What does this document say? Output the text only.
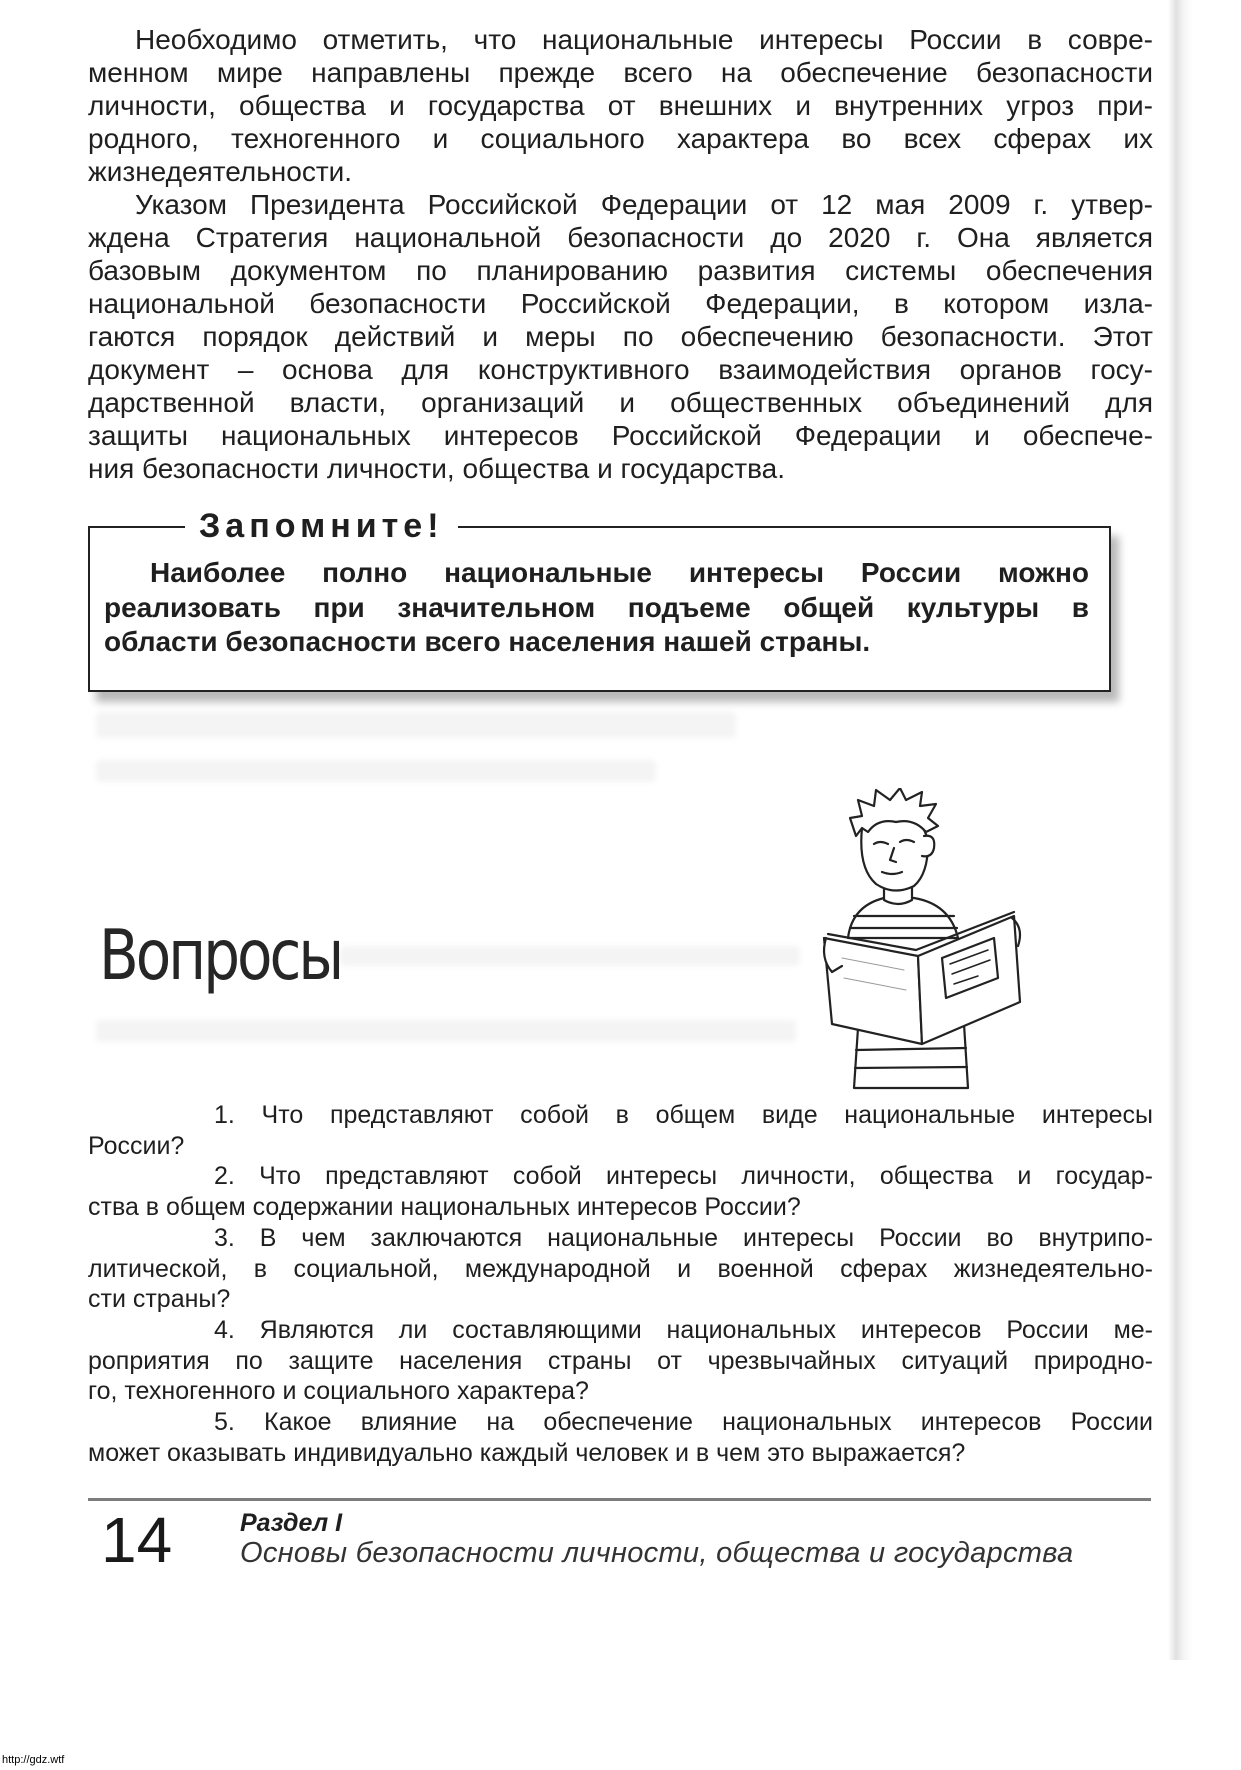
Необходимо отметить, что национальные интересы России в совре-
менном мире направлены прежде всего на обеспечение безопасности
личности, общества и государства от внешних и внутренних угроз при-
родного, техногенного и социального характера во всех сферах их
жизнедеятельности.
Указом Президента Российской Федерации от 12 мая 2009 г. утвер-
ждена Стратегия национальной безопасности до 2020 г. Она является
базовым документом по планированию развития системы обеспечения
национальной безопасности Российской Федерации, в котором изла-
гаются порядок действий и меры по обеспечению безопасности. Этот
документ – основа для конструктивного взаимодействия органов госу-
дарственной власти, организаций и общественных объединений для
защиты национальных интересов Российской Федерации и обеспече-
ния безопасности личности, общества и государства.
Запомните!
Наиболее полно национальные интересы России можно
реализовать при значительном подъеме общей культуры в
области безопасности всего населения нашей страны.
Вопросы
1. Что представляют собой в общем виде национальные интересы
России?
2. Что представляют собой интересы личности, общества и государ-
ства в общем содержании национальных интересов России?
3. В чем заключаются национальные интересы России во внутрипо-
литической, в социальной, международной и военной сферах жизнедеятельно-
сти страны?
4. Являются ли составляющими национальных интересов России ме-
роприятия по защите населения страны от чрезвычайных ситуаций природно-
го, техногенного и социального характера?
5. Какое влияние на обеспечение национальных интересов России
может оказывать индивидуально каждый человек и в чем это выражается?
14	Раздел I
Основы безопасности личности, общества и государства
http://gdz.wtf
